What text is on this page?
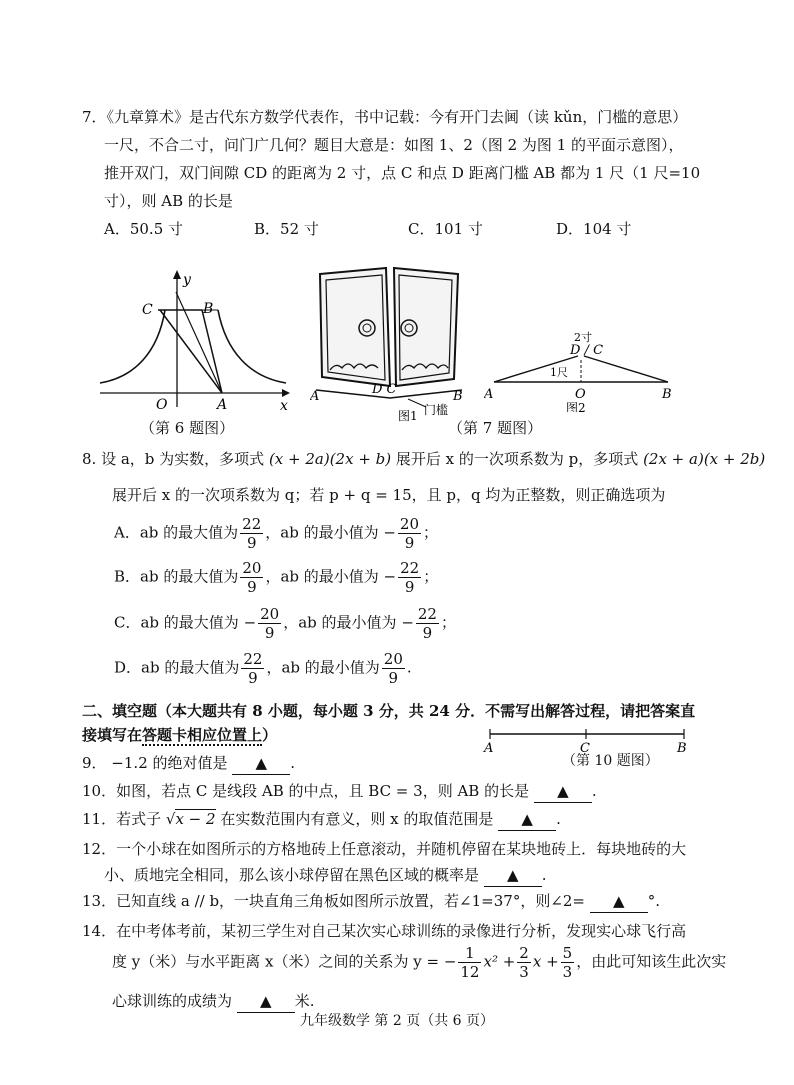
7．《九章算术》是古代东方数学代表作，书中记载：今有开门去阃（读 kǔn，门槛的意思）
一尺，不合二寸，问门广几何？题目大意是：如图 1、2（图 2 为图 1 的平面示意图），
推开双门，双门间隙 CD 的距离为 2 寸，点 C 和点 D 距离门槛 AB 都为 1 尺（1 尺=10
寸），则 AB 的长是
A．50.5 寸	B．52 寸	C．101 寸	D．104 寸
y
x
C	B
O	A
（第 6 题图）
A	B
D C
图1 门槛
（第 7 题图）
2寸
D / C
1尺
A	O	B
图2
8. 设 a，b 为实数，多项式 (x + 2a)(2x + b) 展开后 x 的一次项系数为 p，多项式 (2x + a)(x + 2b)
展开后 x 的一次项系数为 q；若 p + q = 15，且 p，q 均为正整数，则正确选项为
A．ab 的最大值为 $\frac{22}{9}$ ，ab 的最小值为 − $\frac{20}{9}$ ；
B．ab 的最大值为 $\frac{20}{9}$ ，ab 的最小值为 − $\frac{22}{9}$ ；
C．ab 的最大值为 − $\frac{20}{9}$ ，ab 的最小值为 − $\frac{22}{9}$ ；
D．ab 的最大值为 $\frac{22}{9}$ ，ab 的最小值为 $\frac{20}{9}$ .
二、填空题（本大题共有 8 小题，每小题 3 分，共 24 分．不需写出解答过程，请把答案直
接填写在答题卡相应位置上）
A	C	B
（第 10 题图）
9． −1.2 的绝对值是 ▲ .
10．如图，若点 C 是线段 AB 的中点，且 BC = 3，则 AB 的长是 ▲ .
11．若式子 √x − 2 在实数范围内有意义，则 x 的取值范围是 ▲ .
12．一个小球在如图所示的方格地砖上任意滚动，并随机停留在某块地砖上．每块地砖的大
小、质地完全相同，那么该小球停留在黑色区域的概率是 ▲ .
13．已知直线 a // b，一块直角三角板如图所示放置，若∠1=37°，则∠2= ▲ °.
14．在中考体考前，某初三学生对自己某次实心球训练的录像进行分析，发现实心球飞行高
度 y（米）与水平距离 x（米）之间的关系为 y = − $\frac{1}{12} x^2 + \frac{2}{3}$ $x + \frac{5}{3}$ ，由此可知该生此次实
心球训练的成绩为 ▲ 米.
九年级数学 第 2 页（共 6 页）
